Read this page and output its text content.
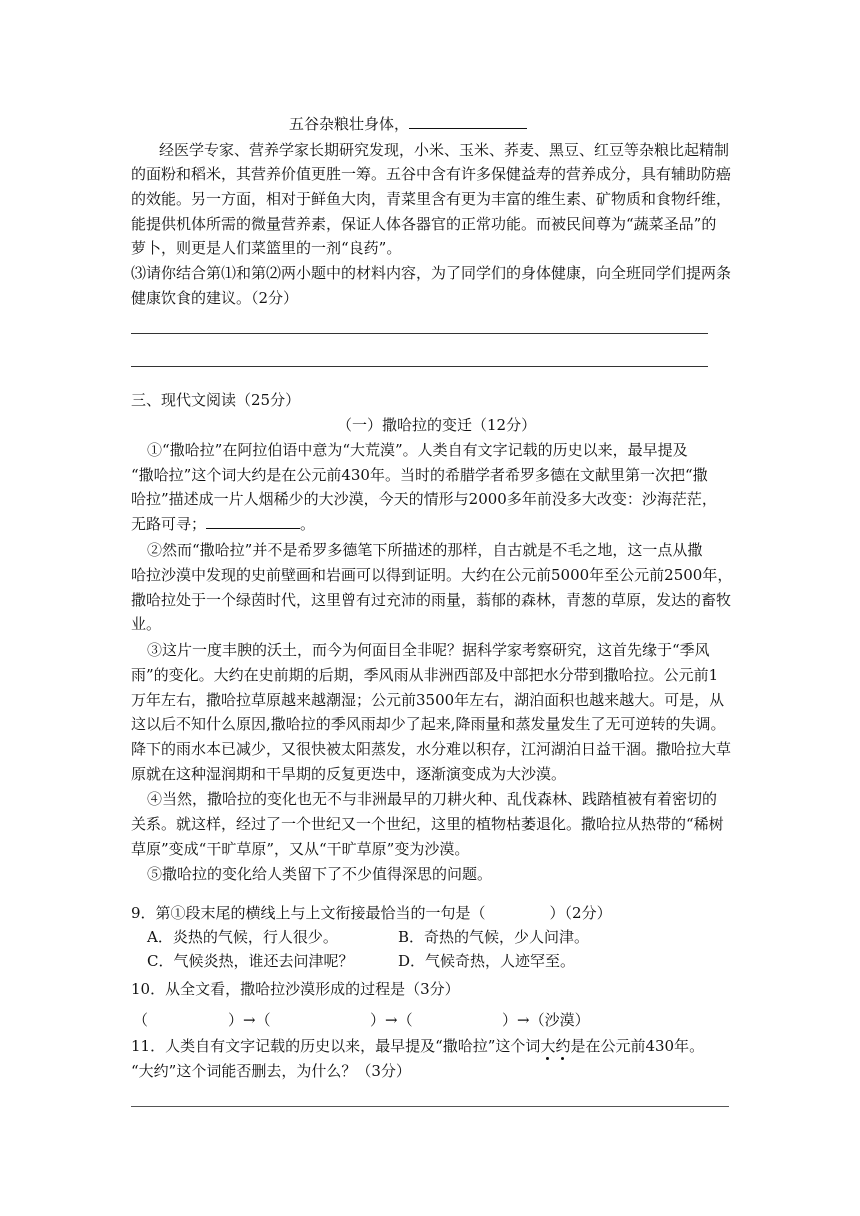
五谷杂粮壮身体，
经医学专家、营养学家长期研究发现，小米、玉米、荞麦、黑豆、红豆等杂粮比起精制
的面粉和稻米，其营养价值更胜一筹。五谷中含有许多保健益寿的营养成分，具有辅助防癌
的效能。另一方面，相对于鲜鱼大肉，青菜里含有更为丰富的维生素、矿物质和食物纤维，
能提供机体所需的微量营养素，保证人体各器官的正常功能。而被民间尊为“蔬菜圣品”的
萝卜，则更是人们菜篮里的一剂“良药”。
⑶请你结合第⑴和第⑵两小题中的材料内容，为了同学们的身体健康，向全班同学们提两条
健康饮食的建议。（2分）
三、现代文阅读（25分）
（一）撒哈拉的变迁（12分）
①“撒哈拉”在阿拉伯语中意为“大荒漠”。人类自有文字记载的历史以来，最早提及
“撒哈拉”这个词大约是在公元前430年。当时的希腊学者希罗多德在文献里第一次把“撒
哈拉”描述成一片人烟稀少的大沙漠，今天的情形与2000多年前没多大改变：沙海茫茫，
无路可寻；	。
②然而“撒哈拉”并不是希罗多德笔下所描述的那样，自古就是不毛之地，这一点从撒
哈拉沙漠中发现的史前壁画和岩画可以得到证明。大约在公元前5000年至公元前2500年，
撒哈拉处于一个绿茵时代，这里曾有过充沛的雨量，蓊郁的森林，青葱的草原，发达的畜牧
业。
③这片一度丰腴的沃土，而今为何面目全非呢？据科学家考察研究，这首先缘于“季风
雨”的变化。大约在史前期的后期，季风雨从非洲西部及中部把水分带到撒哈拉。公元前1
万年左右，撒哈拉草原越来越潮湿；公元前3500年左右，湖泊面积也越来越大。可是，从
这以后不知什么原因,撒哈拉的季风雨却少了起来,降雨量和蒸发量发生了无可逆转的失调。
降下的雨水本已减少，又很快被太阳蒸发，水分难以积存，江河湖泊日益干涸。撒哈拉大草
原就在这种湿润期和干旱期的反复更迭中，逐渐演变成为大沙漠。
④当然，撒哈拉的变化也无不与非洲最早的刀耕火种、乱伐森林、践踏植被有着密切的
关系。就这样，经过了一个世纪又一个世纪，这里的植物枯萎退化。撒哈拉从热带的“稀树
草原”变成“干旷草原”，又从“干旷草原”变为沙漠。
⑤撒哈拉的变化给人类留下了不少值得深思的问题。
9．第①段末尾的横线上与上文衔接最恰当的一句是（	）（2分）
A．炎热的气候，行人很少。	B．奇热的气候，少人问津。
C．气候炎热，谁还去问津呢？	D．气候奇热，人迹罕至。
10．从全文看，撒哈拉沙漠形成的过程是（3分）
（	）→（	）→（	）→（沙漠）
11．人类自有文字记载的历史以来，最早提及“撒哈拉”这个词大约是在公元前430年。
“大约”这个词能否删去，为什么？（3分）
